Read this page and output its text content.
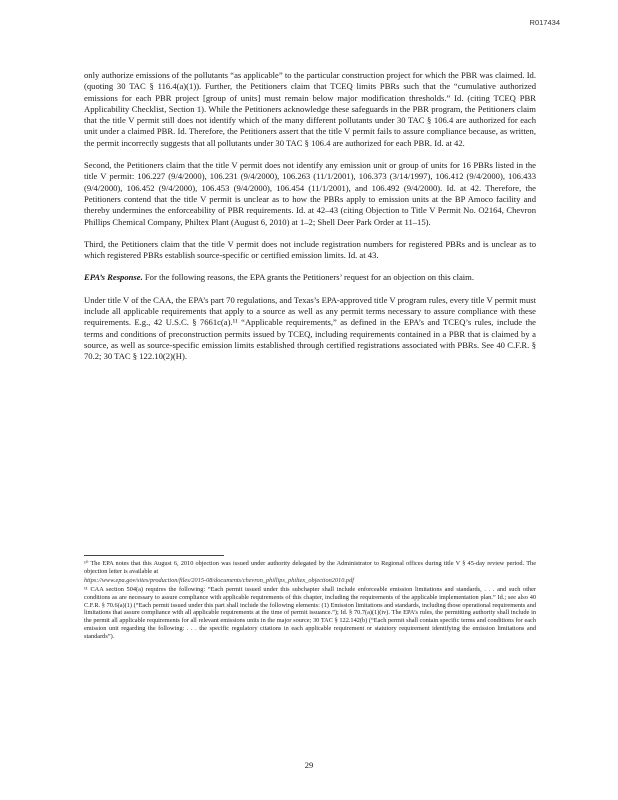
R017434

only authorize emissions of the pollutants “as applicable” to the particular construction project for which the PBR was claimed. Id. (quoting 30 TAC § 116.4(a)(1)). Further, the Petitioners claim that TCEQ limits PBRs such that the “cumulative authorized emissions for each PBR project [group of units] must remain below major modification thresholds.” Id. (citing TCEQ PBR Applicability Checklist, Section 1). While the Petitioners acknowledge these safeguards in the PBR program, the Petitioners claim that the title V permit still does not identify which of the many different pollutants under 30 TAC § 106.4 are authorized for each unit under a claimed PBR. Id. Therefore, the Petitioners assert that the title V permit fails to assure compliance because, as written, the permit incorrectly suggests that all pollutants under 30 TAC § 106.4 are authorized for each PBR. Id. at 42.

Second, the Petitioners claim that the title V permit does not identify any emission unit or group of units for 16 PBRs listed in the title V permit: 106.227 (9/4/2000), 106.231 (9/4/2000), 106.263 (11/1/2001), 106.373 (3/14/1997), 106.412 (9/4/2000), 106.433 (9/4/2000), 106.452 (9/4/2000), 106.453 (9/4/2000), 106.454 (11/1/2001), and 106.492 (9/4/2000). Id. at 42. Therefore, the Petitioners contend that the title V permit is unclear as to how the PBRs apply to emission units at the BP Amoco facility and thereby undermines the enforceability of PBR requirements. Id. at 42–43 (citing Objection to Title V Permit No. O2164, Chevron Phillips Chemical Company, Philtex Plant (August 6, 2010) at 1–2; Shell Deer Park Order at 11–15).

Third, the Petitioners claim that the title V permit does not include registration numbers for registered PBRs and is unclear as to which registered PBRs establish source-specific or certified emission limits. Id. at 43.

EPA’s Response. For the following reasons, the EPA grants the Petitioners’ request for an objection on this claim.

Under title V of the CAA, the EPA’s part 70 regulations, and Texas’s EPA-approved title V program rules, every title V permit must include all applicable requirements that apply to a source as well as any permit terms necessary to assure compliance with these requirements. E.g., 42 U.S.C. § 7661c(a).¹¹ “Applicable requirements,” as defined in the EPA’s and TCEQ’s rules, include the terms and conditions of preconstruction permits issued by TCEQ, including requirements contained in a PBR that is claimed by a source, as well as source-specific emission limits established through certified registrations associated with PBRs. See 40 C.F.R. § 70.2; 30 TAC § 122.10(2)(H).

¹⁰ The EPA notes that this August 6, 2010 objection was issued under authority delegated by the Administrator to Regional offices during title V § 45-day review period. The objection letter is available at

https://www.epa.gov/sites/production/files/2015-08/documents/chevron_phillips_philtex_objection2010.pdf

¹¹ CAA section 504(a) requires the following: “Each permit issued under this subchapter shall include enforceable emission limitations and standards, . . . and such other conditions as are necessary to assure compliance with applicable requirements of this chapter, including the requirements of the applicable implementation plan.” Id.; see also 40 C.F.R. § 70.6(a)(1) (“Each permit issued under this part shall include the following elements: (1) Emission limitations and standards, including those operational requirements and limitations that assure compliance with all applicable requirements at the time of permit issuance.”); Id. § 70.7(a)(1)(iv). The EPA’s rules, the permitting authority shall include in the permit all applicable requirements for all relevant emissions units in the major source; 30 TAC § 122.142(b) (“Each permit shall contain specific terms and conditions for each emission unit regarding the following: . . . the specific regulatory citations in each applicable requirement or statutory requirement identifying the emission limitations and standards”).

29
